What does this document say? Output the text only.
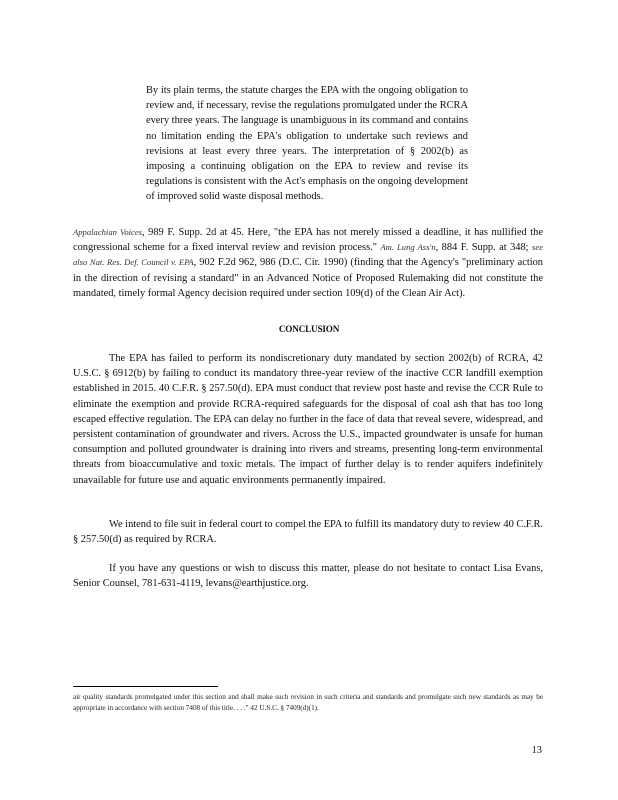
By its plain terms, the statute charges the EPA with the ongoing obligation to review and, if necessary, revise the regulations promulgated under the RCRA every three years. The language is unambiguous in its command and contains no limitation ending the EPA's obligation to undertake such reviews and revisions at least every three years. The interpretation of § 2002(b) as imposing a continuing obligation on the EPA to review and revise its regulations is consistent with the Act's emphasis on the ongoing development of improved solid waste disposal methods.

Appalachian Voices, 989 F. Supp. 2d at 45. Here, "the EPA has not merely missed a deadline, it has nullified the congressional scheme for a fixed interval review and revision process." Am. Lung Ass'n, 884 F. Supp. at 348; see also Nat. Res. Def. Council v. EPA, 902 F.2d 962, 986 (D.C. Cir. 1990) (finding that the Agency's "preliminary action in the direction of revising a standard" in an Advanced Notice of Proposed Rulemaking did not constitute the mandated, timely formal Agency decision required under section 109(d) of the Clean Air Act).

CONCLUSION

The EPA has failed to perform its nondiscretionary duty mandated by section 2002(b) of RCRA, 42 U.S.C. § 6912(b) by failing to conduct its mandatory three-year review of the inactive CCR landfill exemption established in 2015. 40 C.F.R. § 257.50(d). EPA must conduct that review post haste and revise the CCR Rule to eliminate the exemption and provide RCRA-required safeguards for the disposal of coal ash that has too long escaped effective regulation. The EPA can delay no further in the face of data that reveal severe, widespread, and persistent contamination of groundwater and rivers. Across the U.S., impacted groundwater is unsafe for human consumption and polluted groundwater is draining into rivers and streams, presenting long-term environmental threats from bioaccumulative and toxic metals. The impact of further delay is to render aquifers indefinitely unavailable for future use and aquatic environments permanently impaired.

We intend to file suit in federal court to compel the EPA to fulfill its mandatory duty to review 40 C.F.R. § 257.50(d) as required by RCRA.

If you have any questions or wish to discuss this matter, please do not hesitate to contact Lisa Evans, Senior Counsel, 781-631-4119, levans@earthjustice.org.

air quality standards promulgated under this section and shall make such revision in such criteria and standards and promulgate such new standards as may be appropriate in accordance with section 7408 of this title. . . ." 42 U.S.C. § 7409(d)(1).

13
